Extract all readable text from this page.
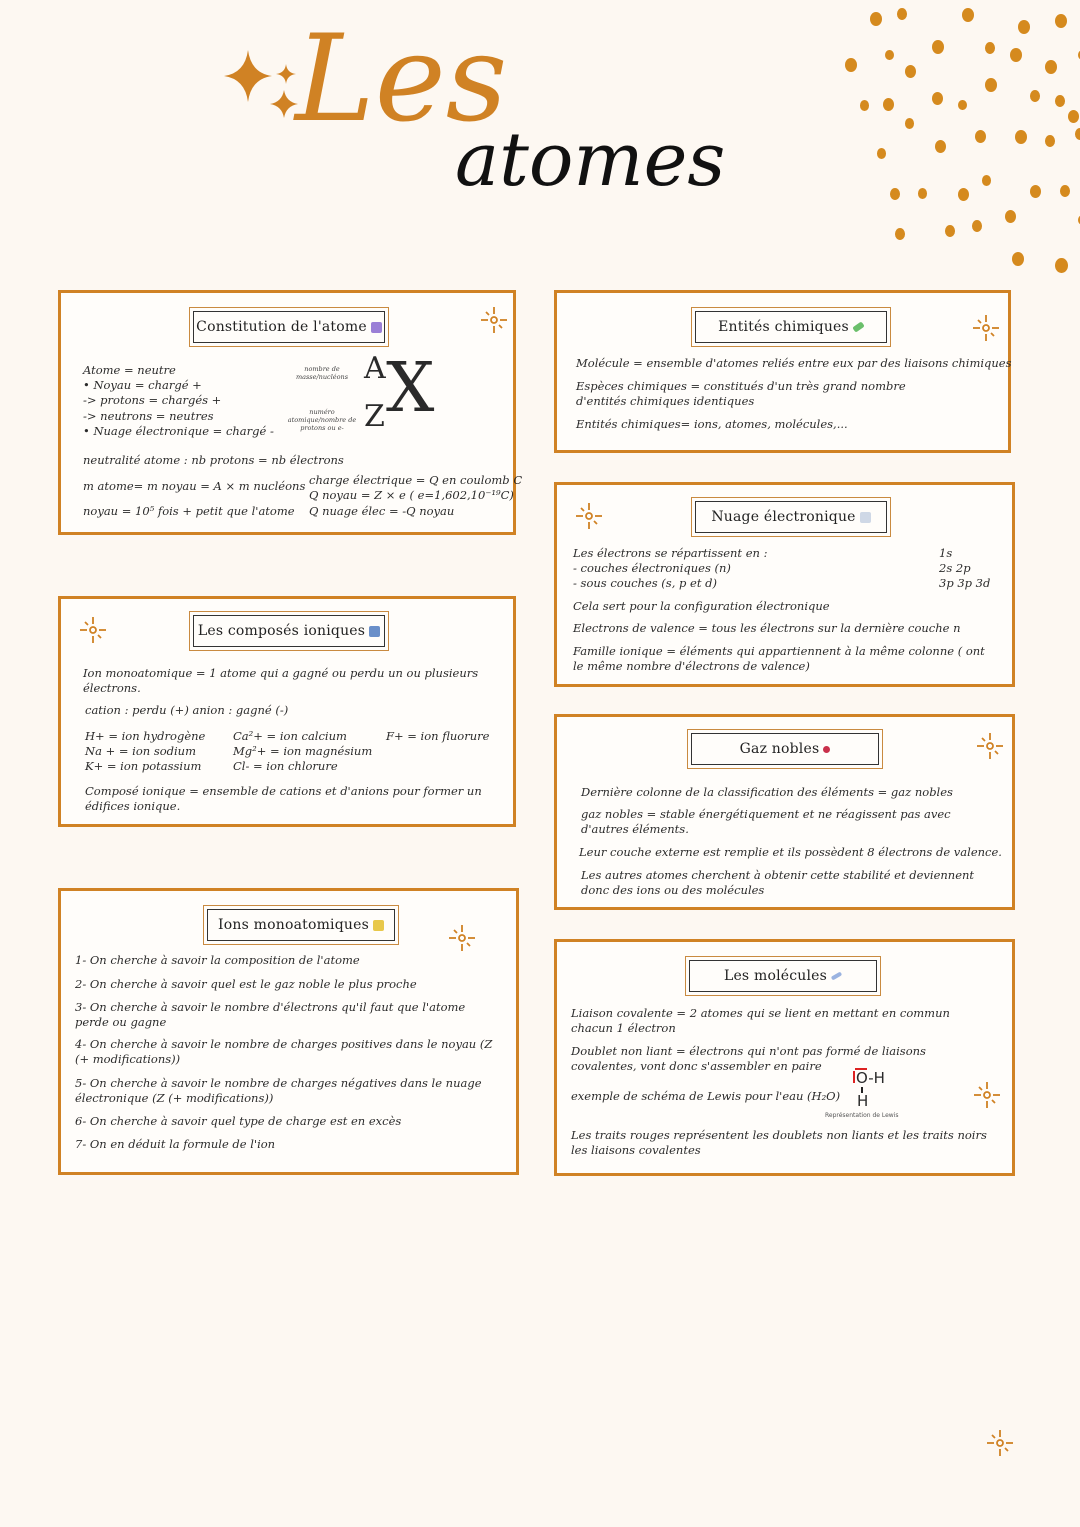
Les
atomes
Constitution de l'atome
Atome = neutre
• Noyau = chargé +
-> protons = chargés +
-> neutrons = neutres
• Nuage électronique = chargé -
nombre de masse/nucléons
numéro atomique/nombre de protons ou e-
A
Z X
neutralité atome : nb protons = nb électrons
m atome= m noyau = A × m nucléons
noyau = 10⁵ fois + petit que l'atome
charge électrique = Q en coulomb C
Q noyau = Z × e ( e=1,602,10⁻¹⁹C)
Q nuage élec = -Q noyau
Entités chimiques
Molécule = ensemble d'atomes reliés entre eux par des liaisons chimiques
Espèces chimiques = constitués d'un très grand nombre d'entités chimiques identiques
Entités chimiques= ions, atomes, molécules,...
Nuage électronique
Les électrons se répartissent en :
- couches électroniques (n)
- sous couches (s, p et d)
1s
2s 2p
3p 3p 3d
Cela sert pour la configuration électronique
Electrons de valence = tous les électrons sur la dernière couche n
Famille ionique = éléments qui appartiennent à la même colonne ( ont le même nombre d'électrons de valence)
Les composés ioniques
Ion monoatomique = 1 atome qui a gagné ou perdu un ou plusieurs électrons.
cation : perdu (+) anion : gagné (-)
H+ = ion hydrogène
Na + = ion sodium
K+ = ion potassium
Ca²+ = ion calcium
Mg²+ = ion magnésium
Cl- = ion chlorure
F+ = ion fluorure
Composé ionique = ensemble de cations et d'anions pour former un édifices ionique.
Gaz nobles
Dernière colonne de la classification des éléments = gaz nobles
gaz nobles = stable énergétiquement et ne réagissent pas avec d'autres éléments.
Leur couche externe est remplie et ils possèdent 8 électrons de valence.
Les autres atomes cherchent à obtenir cette stabilité et deviennent donc des ions ou des molécules
Ions monoatomiques
1- On cherche à savoir la composition de l'atome
2- On cherche à savoir quel est le gaz noble le plus proche
3- On cherche à savoir le nombre d'électrons qu'il faut que l'atome perde ou gagne
4- On cherche à savoir le nombre de charges positives dans le noyau (Z (+ modifications))
5- On cherche à savoir le nombre de charges négatives dans le nuage électronique (Z (+ modifications))
6- On cherche à savoir quel type de charge est en excès
7- On en déduit la formule de l'ion
Les molécules
Liaison covalente = 2 atomes qui se lient en mettant en commun chacun 1 électron
Doublet non liant = électrons qui n'ont pas formé de liaisons covalentes, vont donc s'assembler en paire
exemple de schéma de Lewis pour l'eau (H₂O)
O-H
H
Représentation de Lewis
Les traits rouges représentent les doublets non liants et les traits noirs les liaisons covalentes
